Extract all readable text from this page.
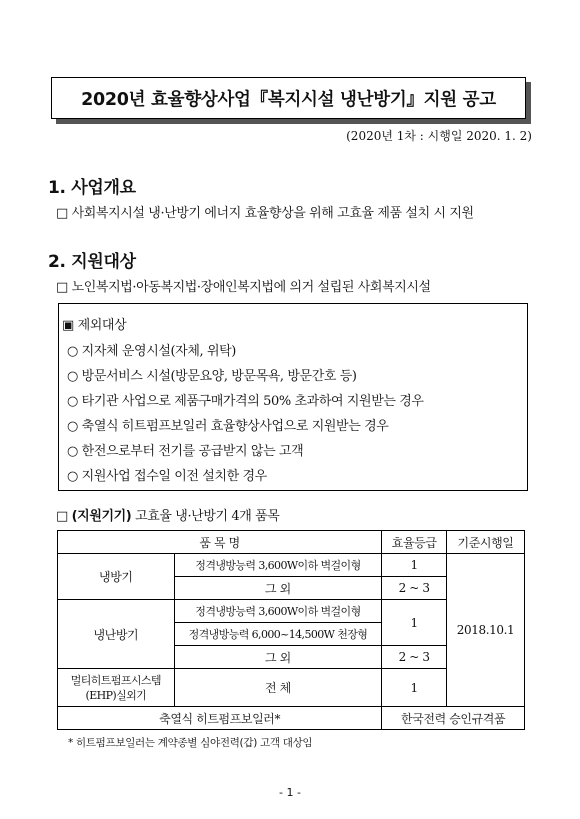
2020년 효율향상사업『복지시설 냉난방기』지원 공고
(2020년 1차 : 시행일 2020. 1. 2)
1. 사업개요
□ 사회복지시설 냉·난방기 에너지 효율향상을 위해 고효율 제품 설치 시 지원
2. 지원대상
□ 노인복지법·아동복지법·장애인복지법에 의거 설립된 사회복지시설
▣ 제외대상
○ 지자체 운영시설(자체, 위탁)
○ 방문서비스 시설(방문요양, 방문목욕, 방문간호 등)
○ 타기관 사업으로 제품구매가격의 50% 초과하여 지원받는 경우
○ 축열식 히트펌프보일러 효율향상사업으로 지원받는 경우
○ 한전으로부터 전기를 공급받지 않는 고객
○ 지원사업 접수일 이전 설치한 경우
□ (지원기기) 고효율 냉·난방기 4개 품목
품 목 명		효율등급	기준시행일
냉방기	정격냉방능력 3,600W이하 벽걸이형	1	2018.10.1
	그 외	2 ~ 3	
냉난방기	정격냉방능력 3,600W이하 벽걸이형	1	
	정격냉방능력 6,000~14,500W 천장형		
	그 외	2 ~ 3	
멀티히트펌프시스템
(EHP)실외기	전 체	1	
축열식 히트펌프보일러*		한국전력 승인규격품	
* 히트펌프보일러는 계약종별 심야전력(갑) 고객 대상임
- 1 -
